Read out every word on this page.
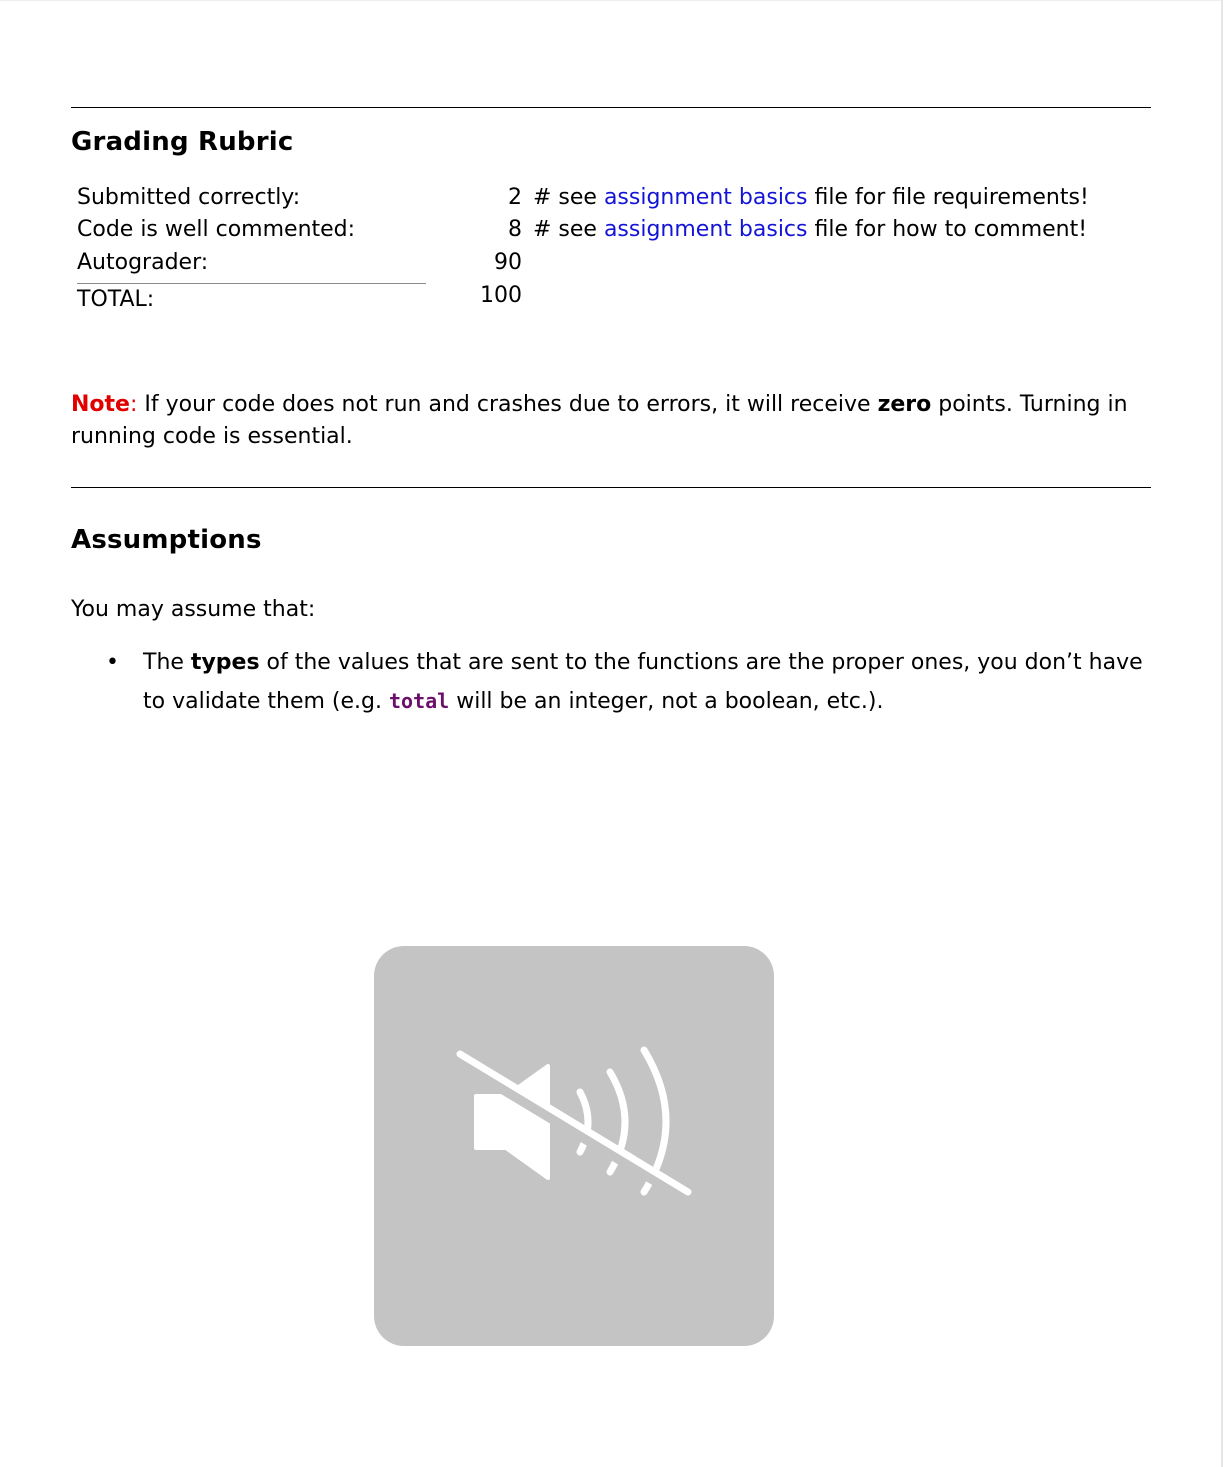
Grading Rubric
Submitted correctly:	2 # see assignment basics file for file requirements!
Code is well commented:	8 # see assignment basics file for how to comment!
Autograder:	90
TOTAL:	100
Note: If your code does not run and crashes due to errors, it will receive zero points. Turning in running code is essential.
Assumptions
You may assume that:
• The types of the values that are sent to the functions are the proper ones, you don’t have to validate them (e.g. total will be an integer, not a boolean, etc.).
